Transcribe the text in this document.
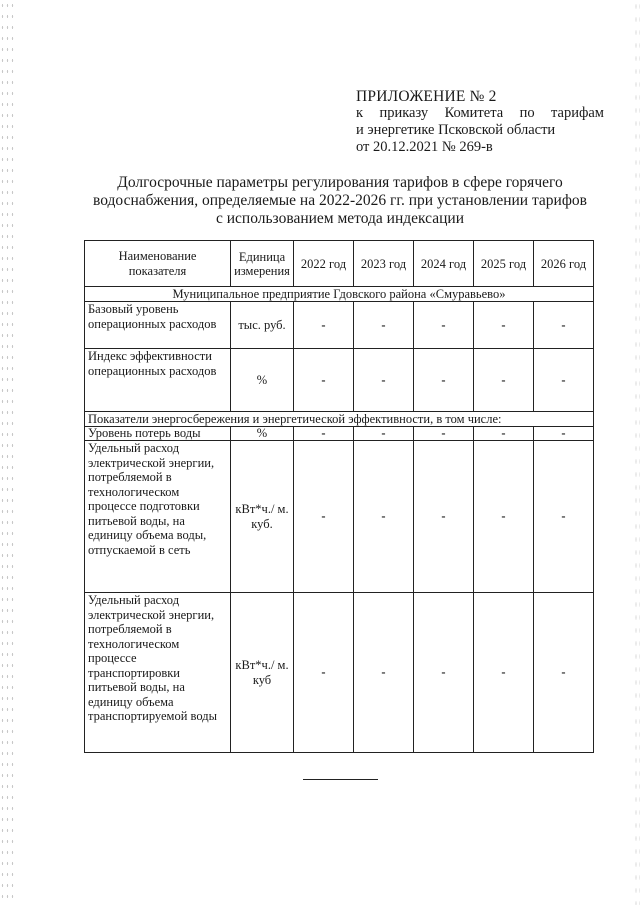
ПРИЛОЖЕНИЕ № 2
к приказу Комитета по тарифам
и энергетике Псковской области
от 20.12.2021 № 269-в
Долгосрочные параметры регулирования тарифов в сфере горячего
водоснабжения, определяемые на 2022-2026 гг. при установлении тарифов
с использованием метода индексации
Наименование показателя	Единица измерения	2022 год	2023 год	2024 год	2025 год	2026 год
Муниципальное предприятие Гдовского района «Смуравьево»						
Базовый уровень операционных расходов	тыс. руб.	-	-	-	-	-
Индекс эффективности операционных расходов	%	-	-	-	-	-
Показатели энергосбережения и энергетической эффективности, в том числе:						
Уровень потерь воды	%	-	-	-	-	-
Удельный расход электрической энергии, потребляемой в технологическом процессе подготовки питьевой воды, на единицу объема воды, отпускаемой в сеть	кВт*ч./ м. куб.	-	-	-	-	-
Удельный расход электрической энергии, потребляемой в технологическом процессе транспортировки питьевой воды, на единицу объема транспортируемой воды	кВт*ч./ м. куб	-	-	-	-	-
